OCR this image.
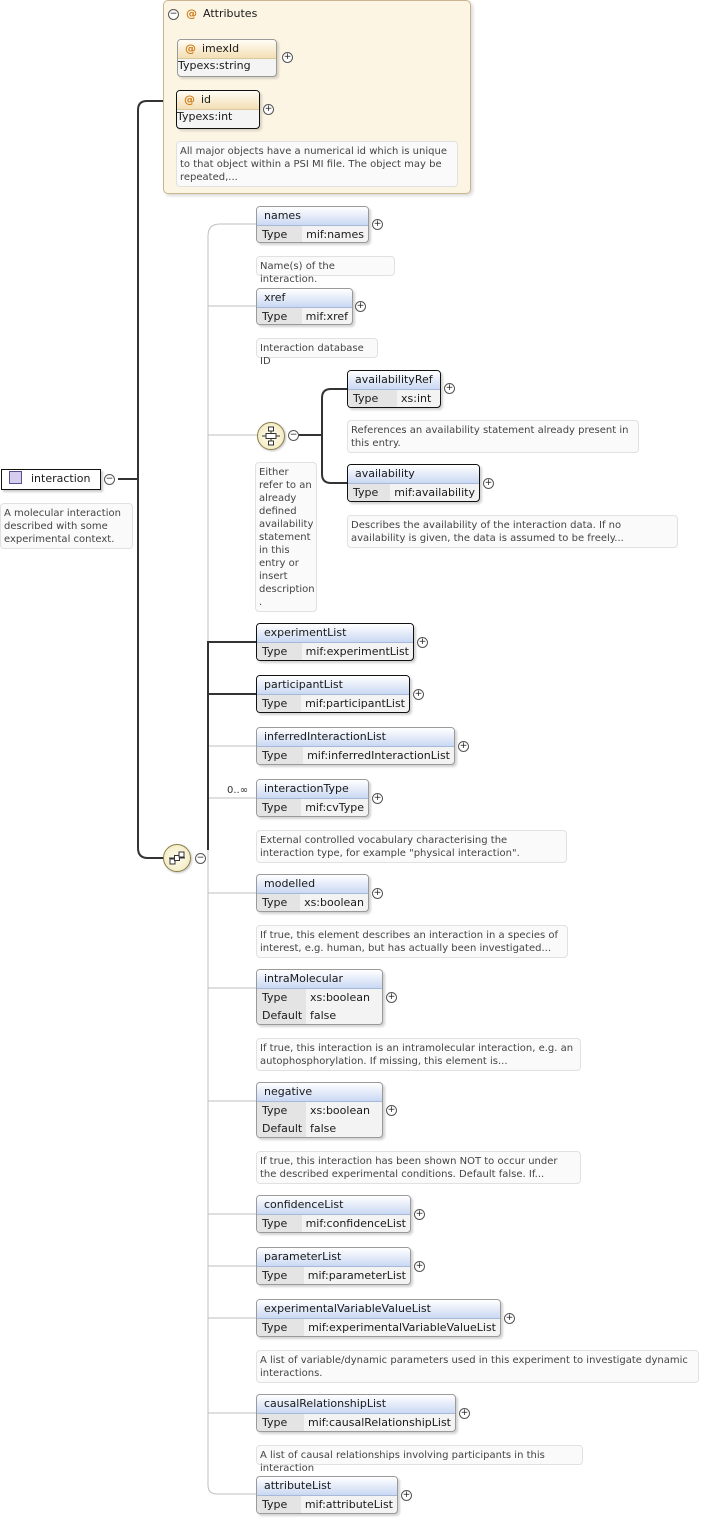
− @ Attributes
@ imexId
Typexs:string
+
@ id
Typexs:int
+
All major objects have a numerical id which is unique to that object within a PSI MI file. The object may be repeated,...
interaction	−
A molecular interaction described with some experimental context.
−
−
Either refer to an already defined availability statement in this entry or insert description .
availabilityRef
Type	xs:int
+
References an availability statement already present in this entry.
availability
Type	mif:availability
+
Describes the availability of the interaction data. If no availability is given, the data is assumed to be freely...
names
Type	mif:names
+
Name(s) of the interaction.
xref
Type	mif:xref
+
Interaction database ID
experimentList
Type	mif:experimentList
+
participantList
Type	mif:participantList
+
inferredInteractionList
Type	mif:inferredInteractionList
+
0..∞	interactionType
Type	mif:cvType
+
External controlled vocabulary characterising the interaction type, for example "physical interaction".
modelled
Type	xs:boolean
+
If true, this element describes an interaction in a species of interest, e.g. human, but has actually been investigated...
intraMolecular
Type	xs:boolean
Default false
+
If true, this interaction is an intramolecular interaction, e.g. an autophosphorylation. If missing, this element is...
negative
Type	xs:boolean
Default false
+
If true, this interaction has been shown NOT to occur under the described experimental conditions. Default false. If...
confidenceList
Type	mif:confidenceList
+
parameterList
Type	mif:parameterList
+
experimentalVariableValueList
Type	mif:experimentalVariableValueList
+
A list of variable/dynamic parameters used in this experiment to investigate dynamic interactions.
causalRelationshipList
Type	mif:causalRelationshipList
+
A list of causal relationships involving participants in this interaction
attributeList
Type	mif:attributeList
+
